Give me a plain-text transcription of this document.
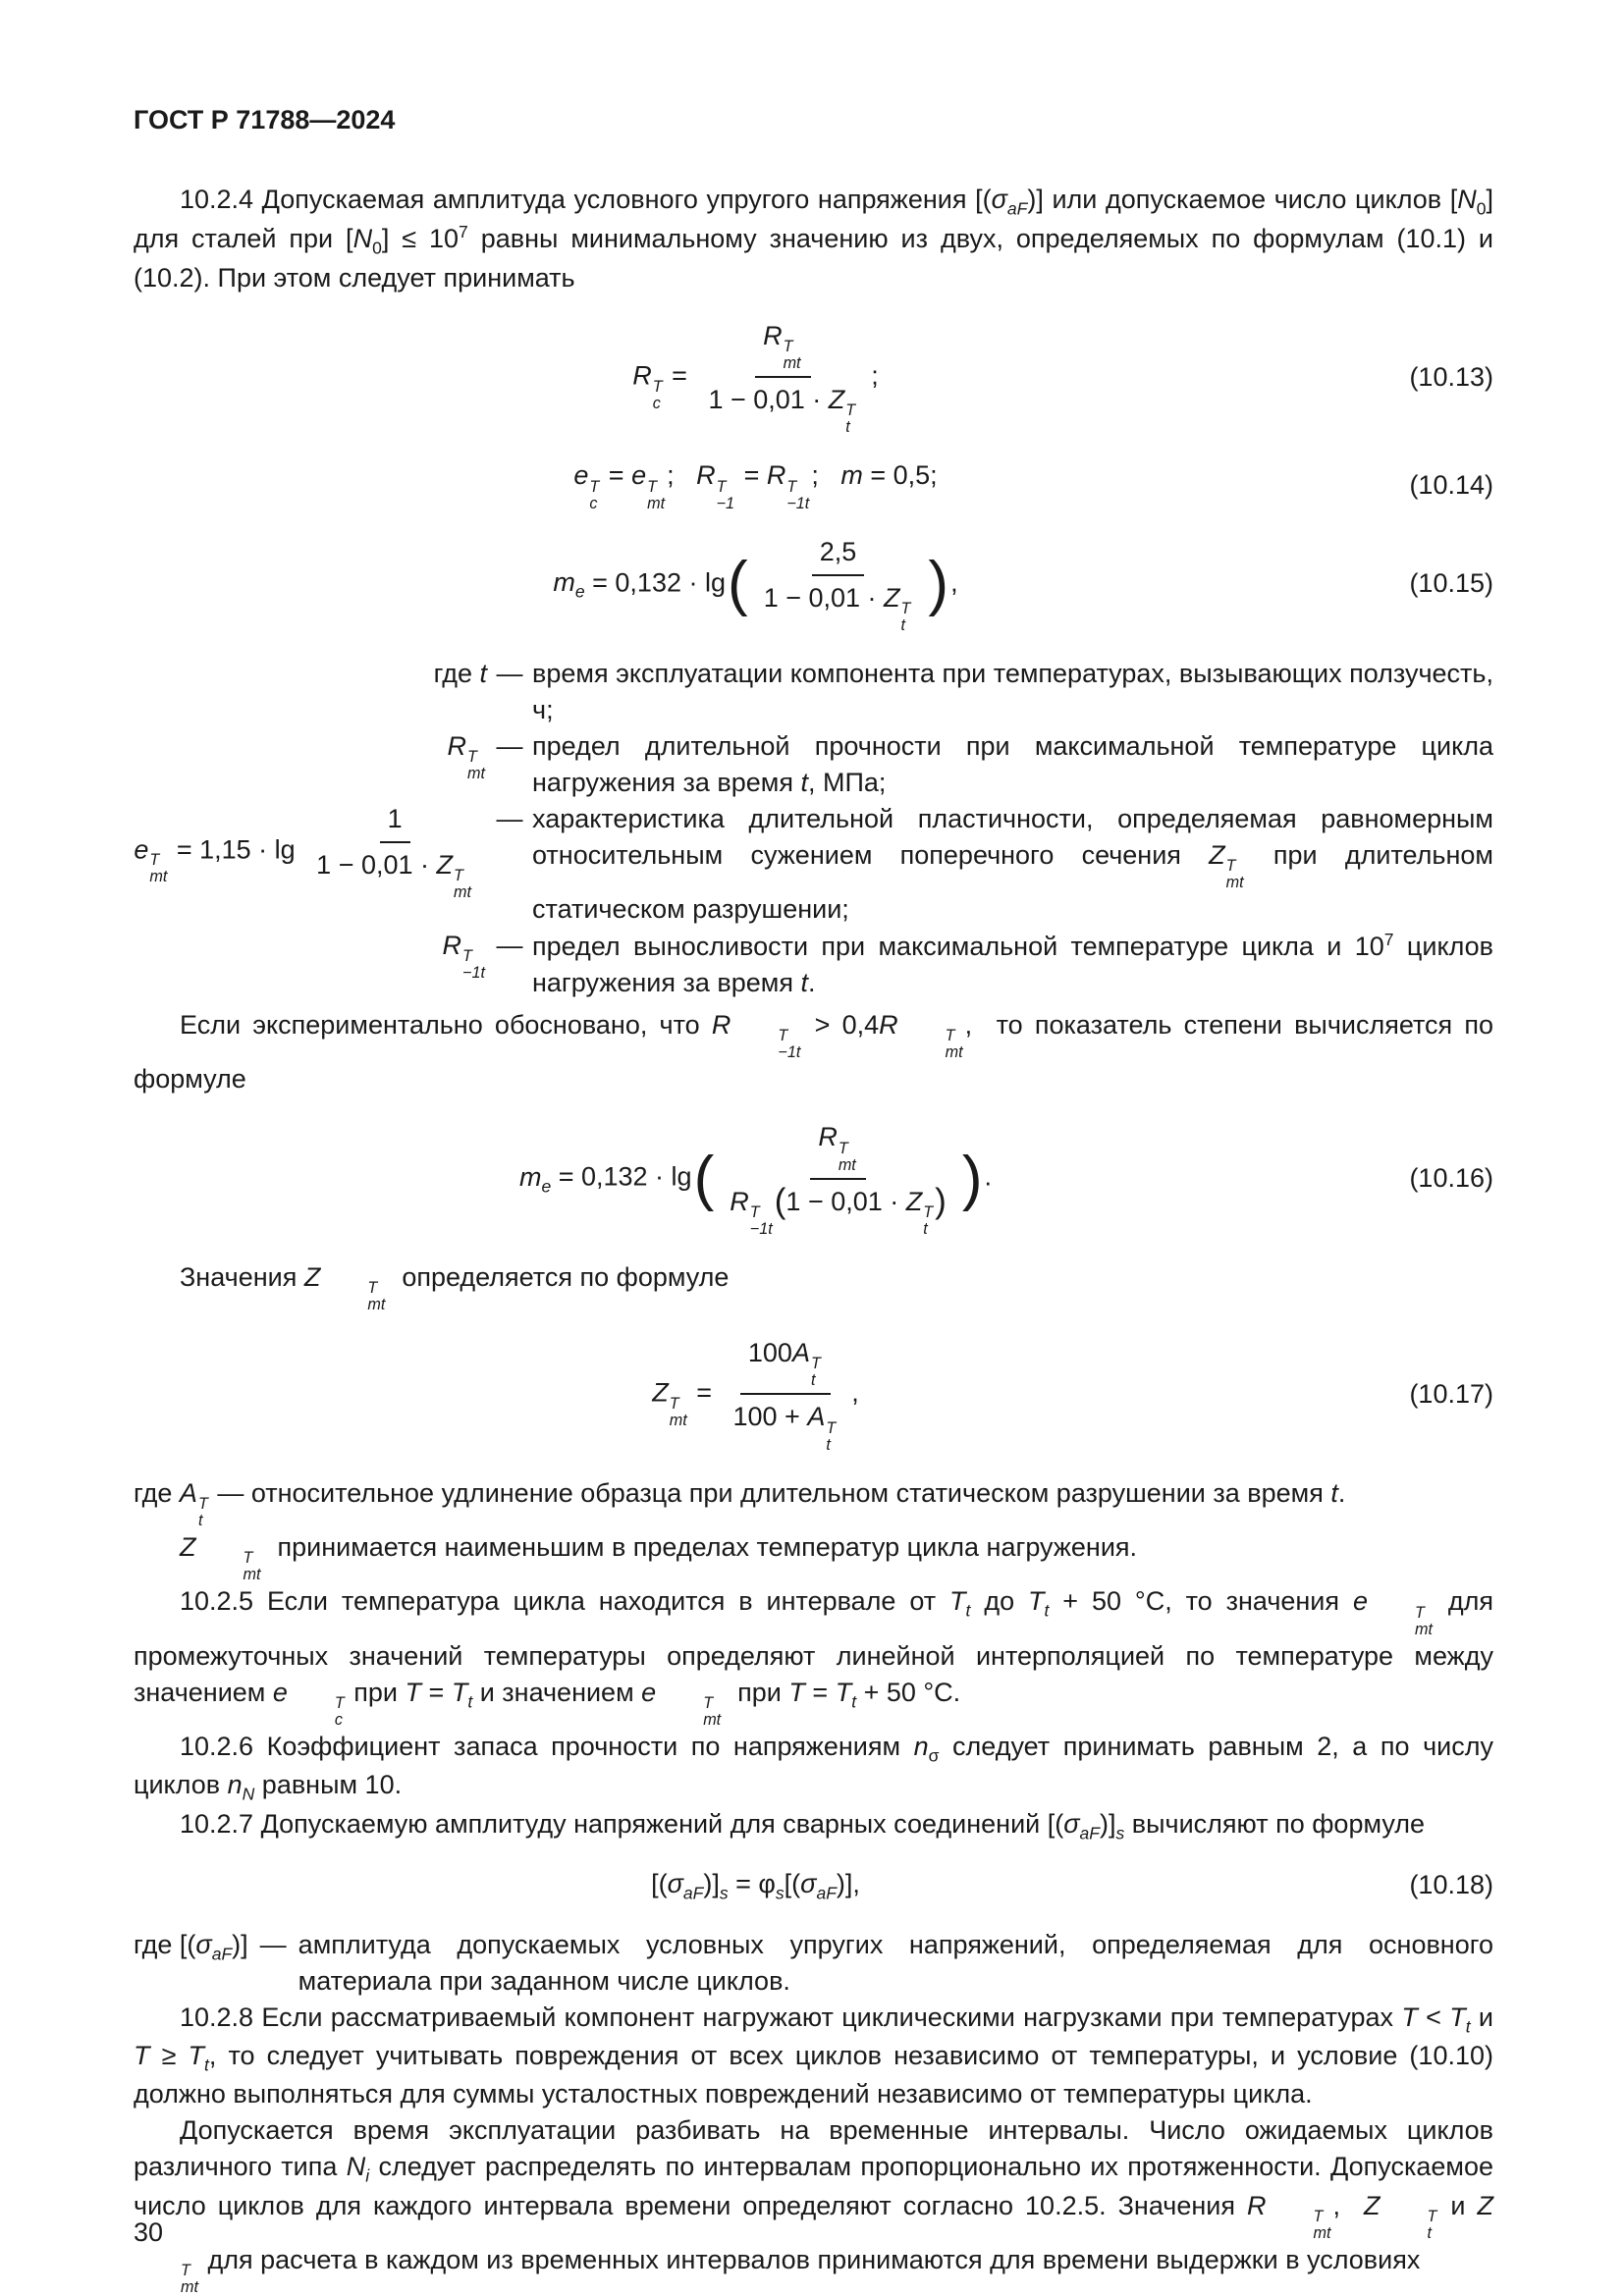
ГОСТ Р 71788—2024

10.2.4 Допускаемая амплитуда условного упругого напряжения $[(\sigma_{aF})]$ или допускаемое число циклов $[N_0]$ для сталей при $[N_0] \le 10^7$ равны минимальному значению из двух, определяемых по формулам (10.1) и (10.2). При этом следует принимать

R T
c
= R T
mt
1 − 0,01 · Z T
t ;	(10.13)
e T
c
= e T
mt
;   R T
−1
= R T
−1t
;   m = 0,5;	(10.14)
$m_e = 0,132 \cdot \lg$( 2,5
1 − 0,01 · Z T
t ),	(10.15)
где t — время эксплуатации компонента при температурах, вызывающих ползучесть, ч;
R T
mt
— предел длительной прочности при максимальной температуре цикла нагружения за время t, МПа;
e T
mt
= 1,15 · lg 1
1 − 0,01 · Z T
mt — характеристика длительной пластичности, определяемая равномерным относительным сужением поперечного сечения Z T
mt
при длительном статическом разрушении;
R T
−1t
— предел выносливости при максимальной температуре цикла и $10^7$ циклов нагружения за время t.

Если экспериментально обосновано, что R	T
−1t
> 0,4R	T
mt
,  то показатель степени вычисляется по формуле

$m_e = 0,132 \cdot \lg$( R T
mt
R T
−1t
(1 − 0,01 · Z T
t
) ).	(10.16)

Значения Z	T
mt
определяется по формуле

Z T
mt
= 100A T
t
100 + A T
t ,	(10.17)

где A T
t
— относительное удлинение образца при длительном статическом разрушении за время t.

Z	T
mt
принимается наименьшим в пределах температур цикла нагружения.

10.2.5 Если температура цикла находится в интервале от $T_t$ до $T_t + 50$ °C, то значения e	T
mt
для промежуточных значений температуры определяют линейной интерполяцией по температуре между значением e	T
c
при $T = T_t$ и значением e	T
mt
при $T = T_t + 50$ °C.

10.2.6 Коэффициент запаса прочности по напряжениям $n_\sigma$ следует принимать равным 2, а по числу циклов $n_N$ равным 10.

10.2.7 Допускаемую амплитуду напряжений для сварных соединений $[(\sigma_{aF})]_s$ вычисляют по формуле

$[(\sigma_{aF})]_s = \varphi_s[(\sigma_{aF})]$,	(10.18)
где $[(\sigma_{aF})]$ — амплитуда допускаемых условных упругих напряжений, определяемая для основного материала при заданном числе циклов.

10.2.8 Если рассматриваемый компонент нагружают циклическими нагрузками при температурах $T < T_t$ и $T \ge T_t$, то следует учитывать повреждения от всех циклов независимо от температуры, и условие (10.10) должно выполняться для суммы усталостных повреждений независимо от температуры цикла.

Допускается время эксплуатации разбивать на временные интервалы. Число ожидаемых циклов различного типа $N_i$ следует распределять по интервалам пропорционально их протяженности. Допускаемое число циклов для каждого интервала времени определяют согласно 10.2.5. Значения R	T
mt
,  Z	T
t
и Z
T
mt
для расчета в каждом из временных интервалов принимаются для времени выдержки в условиях

30
